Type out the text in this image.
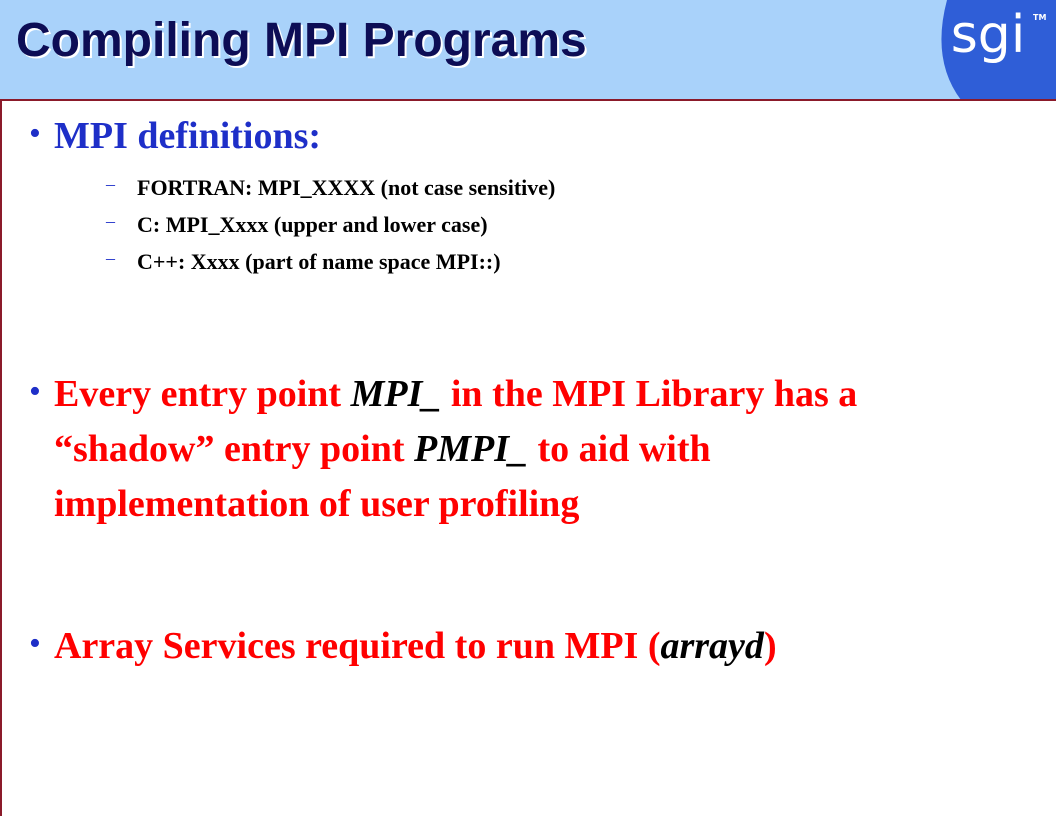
sgi TM
Compiling MPI Programs
• MPI definitions:

– FORTRAN: MPI_XXXX (not case sensitive)

– C: MPI_Xxxx (upper and lower case)

– C++: Xxxx (part of name space MPI::)

• Every entry point MPI_ in the MPI Library has a

“shadow” entry point PMPI_ to aid with

implementation of user profiling

• Array Services required to run MPI (arrayd)
